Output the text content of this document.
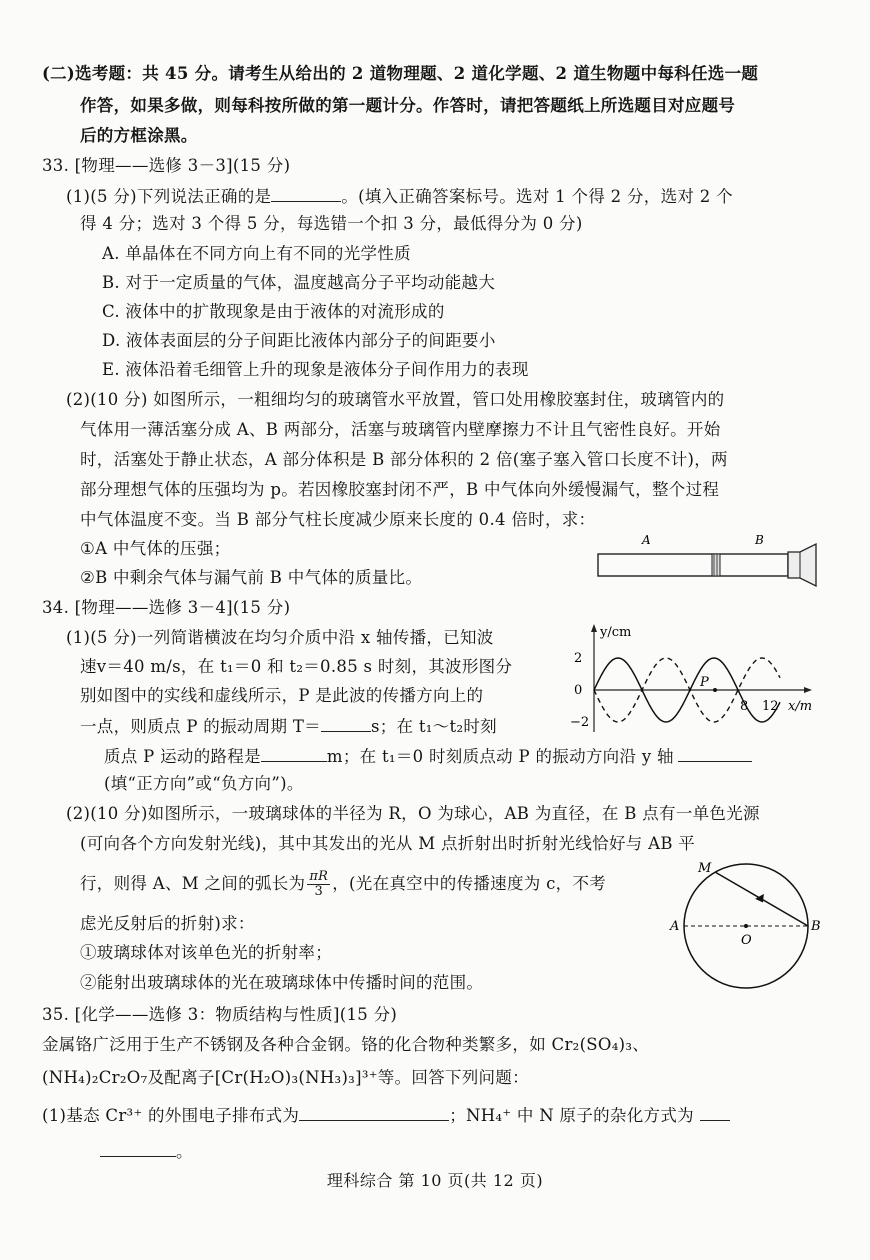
(二)选考题：共 45 分。请考生从给出的 2 道物理题、2 道化学题、2 道生物题中每科任选一题
作答，如果多做，则每科按所做的第一题计分。作答时，请把答题纸上所选题目对应题号
后的方框涂黑。
33. [物理——选修 3－3](15 分)
(1)(5 分)下列说法正确的是	。(填入正确答案标号。选对 1 个得 2 分，选对 2 个
得 4 分；选对 3 个得 5 分，每选错一个扣 3 分，最低得分为 0 分)
A. 单晶体在不同方向上有不同的光学性质
B. 对于一定质量的气体，温度越高分子平均动能越大
C. 液体中的扩散现象是由于液体的对流形成的
D. 液体表面层的分子间距比液体内部分子的间距要小
E. 液体沿着毛细管上升的现象是液体分子间作用力的表现
(2)(10 分) 如图所示，一粗细均匀的玻璃管水平放置，管口处用橡胶塞封住，玻璃管内的
气体用一薄活塞分成 A、B 两部分，活塞与玻璃管内壁摩擦力不计且气密性良好。开始
时，活塞处于静止状态，A 部分体积是 B 部分体积的 2 倍(塞子塞入管口长度不计)，两
部分理想气体的压强均为 p。若因橡胶塞封闭不严，B 中气体向外缓慢漏气，整个过程
中气体温度不变。当 B 部分气柱长度减少原来长度的 0.4 倍时，求：
①A 中气体的压强；
②B 中剩余气体与漏气前 B 中气体的质量比。
A	B
34. [物理——选修 3－4](15 分)
(1)(5 分)一列简谐横波在均匀介质中沿 x 轴传播，已知波
速v＝40 m/s，在 t₁＝0 和 t₂＝0.85 s 时刻，其波形图分
别如图中的实线和虚线所示，P 是此波的传播方向上的
一点，则质点 P 的振动周期 T＝	s；在 t₁～t₂时刻
质点 P 运动的路程是	m；在 t₁＝0 时刻质点动 P 的振动方向沿 y 轴
(填“正方向”或“负方向”)。
y/cm
2
0
−2
8 12 x/m
P
(2)(10 分)如图所示，一玻璃球体的半径为 R，O 为球心，AB 为直径，在 B 点有一单色光源
(可向各个方向发射光线)，其中其发出的光从 M 点折射出时折射光线恰好与 AB 平
行，则得 A、M 之间的弧长为 $\frac{\pi R}{3}$ ，(光在真空中的传播速度为 c，不考
虑光反射后的折射)求：
①玻璃球体对该单色光的折射率；
②能射出玻璃球体的光在玻璃球体中传播时间的范围。
M
A	B
O
35. [化学——选修 3：物质结构与性质](15 分)
金属铬广泛用于生产不锈钢及各种合金钢。铬的化合物种类繁多，如 Cr₂(SO₄)₃、
(NH₄)₂Cr₂O₇及配离子[Cr(H₂O)₃(NH₃)₃]³⁺等。回答下列问题：
(1)基态 Cr³⁺ 的外围电子排布式为	；NH₄⁺ 中 N 原子的杂化方式为
。
理科综合 第 10 页(共 12 页)
